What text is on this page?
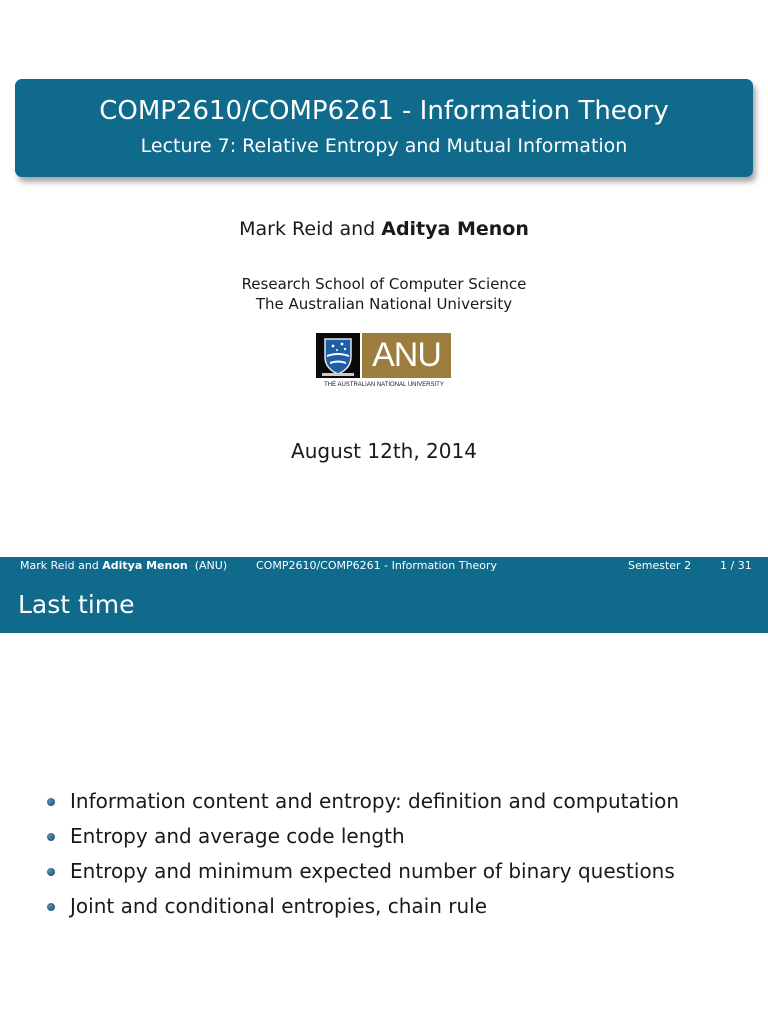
COMP2610/COMP6261 - Information Theory
Lecture 7: Relative Entropy and Mutual Information
Mark Reid and Aditya Menon
Research School of Computer Science
The Australian National University
ANU
THE AUSTRALIAN NATIONAL UNIVERSITY
August 12th, 2014
Mark Reid and Aditya Menon (ANU)	COMP2610/COMP6261 - Information Theory	Semester 2	1 / 31
Last time
Information content and entropy: definition and computation
Entropy and average code length
Entropy and minimum expected number of binary questions
Joint and conditional entropies, chain rule
